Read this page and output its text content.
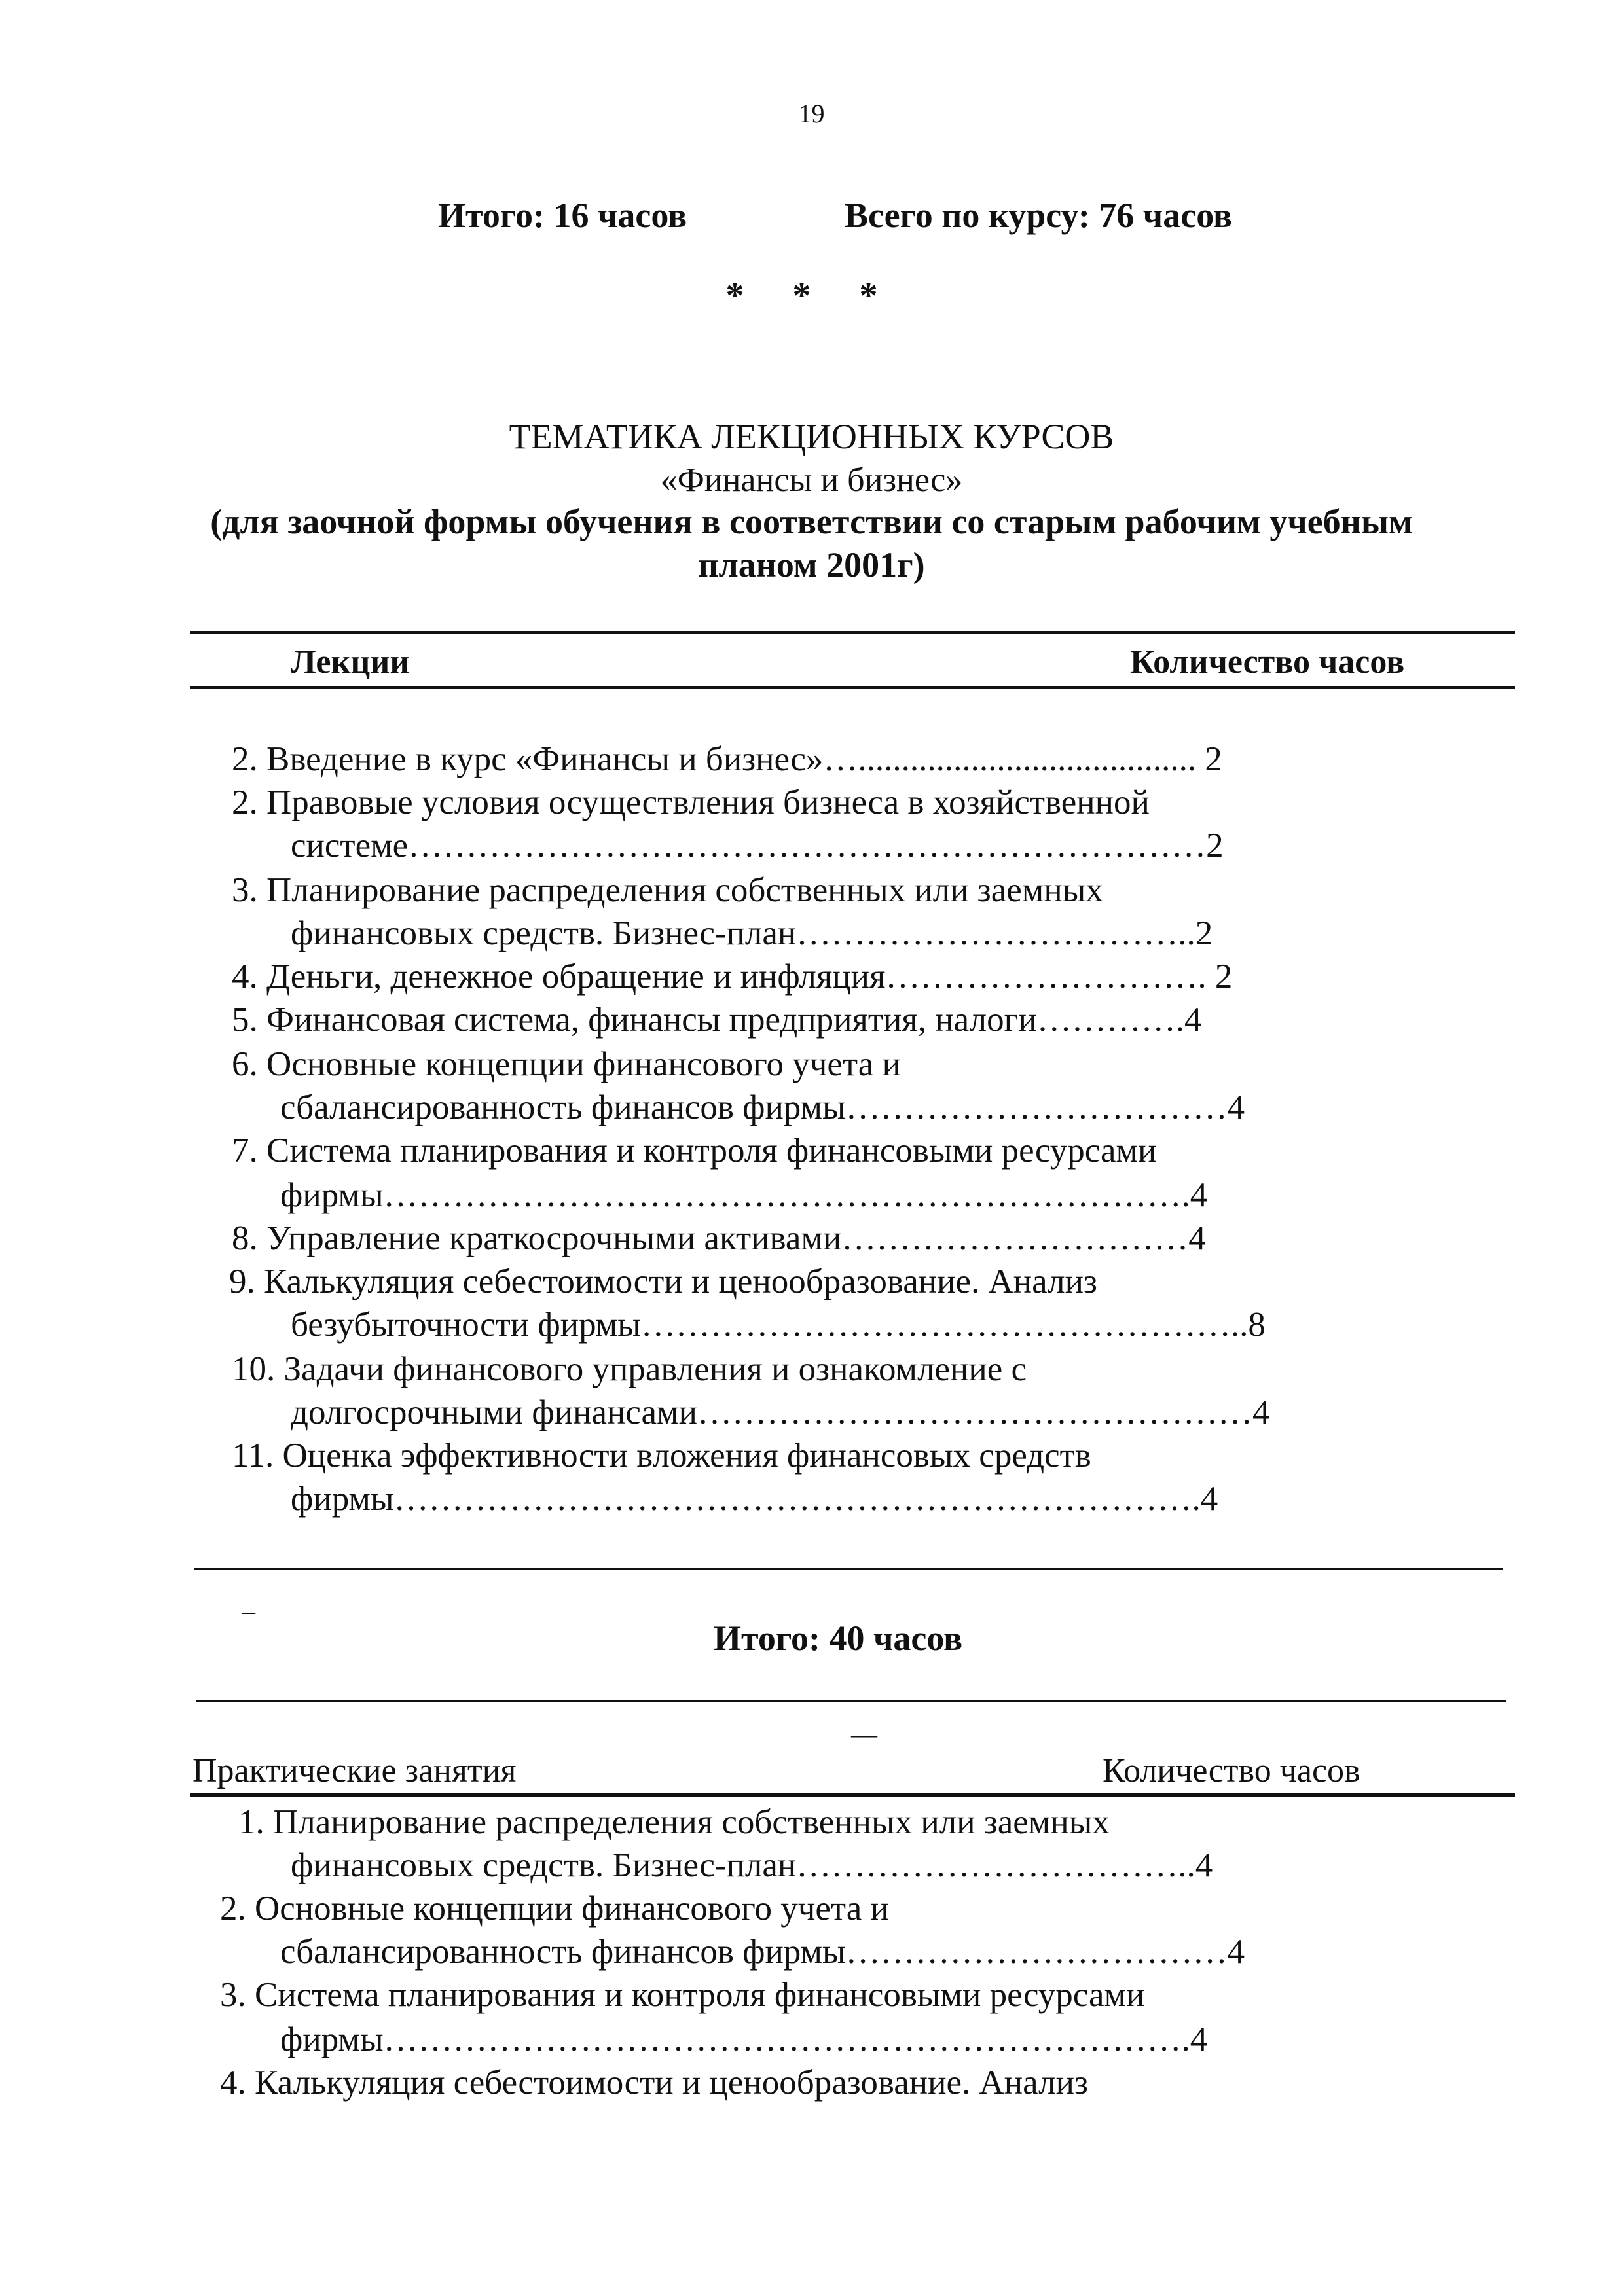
19
Итого: 16 часов	Всего по курсу: 76 часов
* * *
ТЕМАТИКА ЛЕКЦИОННЫХ КУРСОВ
«Финансы и бизнес»
(для заочной формы обучения в соответствии со старым рабочим учебным
планом 2001г)
Лекции	Количество часов
2. Введение в курс «Финансы и бизнес»…....................................... 2
2. Правовые условия осуществления бизнеса в хозяйственной
системе……………………………………………………………2
3. Планирование распределения собственных или заемных
финансовых средств. Бизнес-план……………………………..2
4. Деньги, денежное обращение и инфляция………………………. 2
5. Финансовая система, финансы предприятия, налоги………….4
6. Основные концепции финансового учета и
сбалансированность финансов фирмы……………………………4
7. Система планирования и контроля финансовыми ресурсами
фирмы…………………………………………………………….4
8. Управление краткосрочными активами…………………………4
9. Калькуляция себестоимости и ценообразование. Анализ
безубыточности фирмы……………………………………………..8
10. Задачи финансового управления и ознакомление с
долгосрочными финансами…………………………………………4
11. Оценка эффективности вложения финансовых средств
фирмы…………………………………………………………….4
_
Итого: 40 часов
—
Практические занятия	Количество часов
1. Планирование распределения собственных или заемных
финансовых средств. Бизнес-план……………………………..4
2. Основные концепции финансового учета и
сбалансированность финансов фирмы……………………………4
3. Система планирования и контроля финансовыми ресурсами
фирмы…………………………………………………………….4
4. Калькуляция себестоимости и ценообразование. Анализ
